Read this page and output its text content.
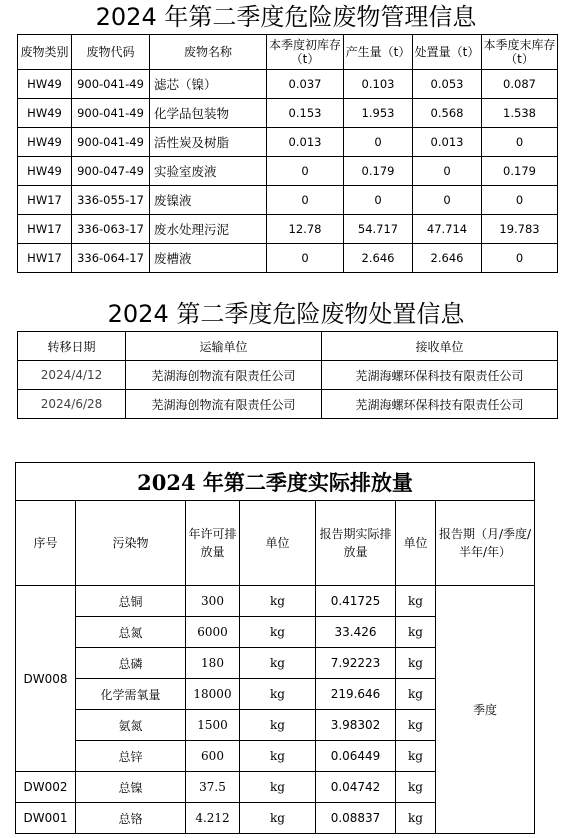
2024 年第二季度危险废物管理信息
废物类别	废物代码	废物名称	本季度初库存（t）	产生量（t）	处置量（t）	本季度末库存（t）
HW49	900-041-49	滤芯（镍）	0.037	0.103	0.053	0.087
HW49	900-041-49	化学品包装物	0.153	1.953	0.568	1.538
HW49	900-041-49	活性炭及树脂	0.013	0	0.013	0
HW49	900-047-49	实验室废液	0	0.179	0	0.179
HW17	336-055-17	废镍液	0	0	0	0
HW17	336-063-17	废水处理污泥	12.78	54.717	47.714	19.783
HW17	336-064-17	废槽液	0	2.646	2.646	0
2024 第二季度危险废物处置信息
转移日期	运输单位	接收单位
2024/4/12	芜湖海创物流有限责任公司	芜湖海螺环保科技有限责任公司
2024/6/28	芜湖海创物流有限责任公司	芜湖海螺环保科技有限责任公司
2024 年第二季度实际排放量						
序号	污染物	年许可排放量	单位	报告期实际排放量	单位	报告期（月/季度/半年/年）
DW008	总铜	300	kg	0.41725	kg	季度
	总氮	6000	kg	33.426	kg	
	总磷	180	kg	7.92223	kg	
	化学需氧量	18000	kg	219.646	kg	
	氨氮	1500	kg	3.98302	kg	
	总锌	600	kg	0.06449	kg	
DW002	总镍	37.5	kg	0.04742	kg	
DW001	总铬	4.212	kg	0.08837	kg	
